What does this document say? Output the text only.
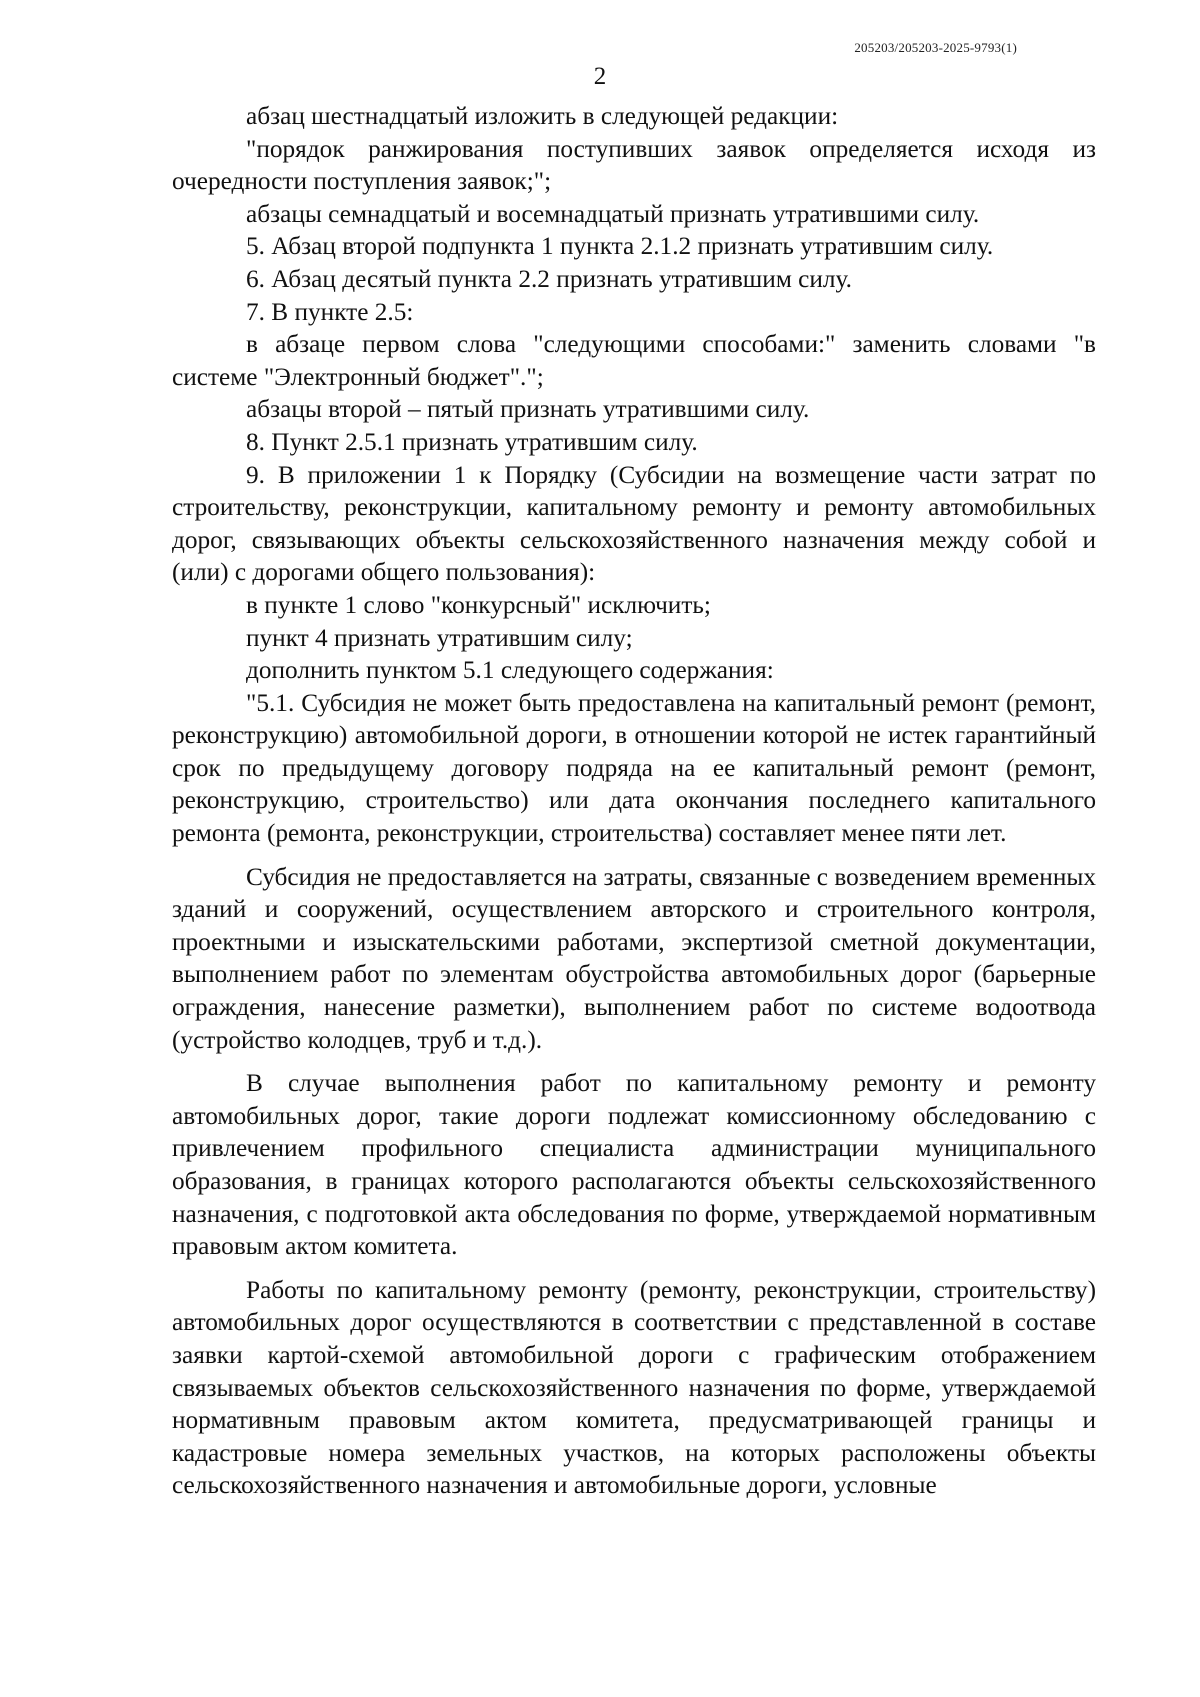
205203/205203-2025-9793(1)
2

абзац шестнадцатый изложить в следующей редакции:

"порядок ранжирования поступивших заявок определяется исходя из очередности поступления заявок;";

абзацы семнадцатый и восемнадцатый признать утратившими силу.

5. Абзац второй подпункта 1 пункта 2.1.2 признать утратившим силу.

6. Абзац десятый пункта 2.2 признать утратившим силу.

7. В пункте 2.5:

в абзаце первом слова "следующими способами:" заменить словами "в системе "Электронный бюджет".";

абзацы второй – пятый признать утратившими силу.

8. Пункт 2.5.1 признать утратившим силу.

9. В приложении 1 к Порядку (Субсидии на возмещение части затрат по строительству, реконструкции, капитальному ремонту и ремонту автомобильных дорог, связывающих объекты сельскохозяйственного назначения между собой и (или) с дорогами общего пользования):

в пункте 1 слово "конкурсный" исключить;

пункт 4 признать утратившим силу;

дополнить пунктом 5.1 следующего содержания:

"5.1. Субсидия не может быть предоставлена на капитальный ремонт (ремонт, реконструкцию) автомобильной дороги, в отношении которой не истек гарантийный срок по предыдущему договору подряда на ее капитальный ремонт (ремонт, реконструкцию, строительство) или дата окончания последнего капитального ремонта (ремонта, реконструкции, строительства) составляет менее пяти лет.

Субсидия не предоставляется на затраты, связанные с возведением временных зданий и сооружений, осуществлением авторского и строительного контроля, проектными и изыскательскими работами, экспертизой сметной документации, выполнением работ по элементам обустройства автомобильных дорог (барьерные ограждения, нанесение разметки), выполнением работ по системе водоотвода (устройство колодцев, труб и т.д.).

В случае выполнения работ по капитальному ремонту и ремонту автомобильных дорог, такие дороги подлежат комиссионному обследованию с привлечением профильного специалиста администрации муниципального образования, в границах которого располагаются объекты сельскохозяйственного назначения, с подготовкой акта обследования по форме, утверждаемой нормативным правовым актом комитета.

Работы по капитальному ремонту (ремонту, реконструкции, строительству) автомобильных дорог осуществляются в соответствии с представленной в составе заявки картой-схемой автомобильной дороги с графическим отображением связываемых объектов сельскохозяйственного назначения по форме, утверждаемой нормативным правовым актом комитета, предусматривающей границы и кадастровые номера земельных участков, на которых расположены объекты сельскохозяйственного назначения и автомобильные дороги, условные
